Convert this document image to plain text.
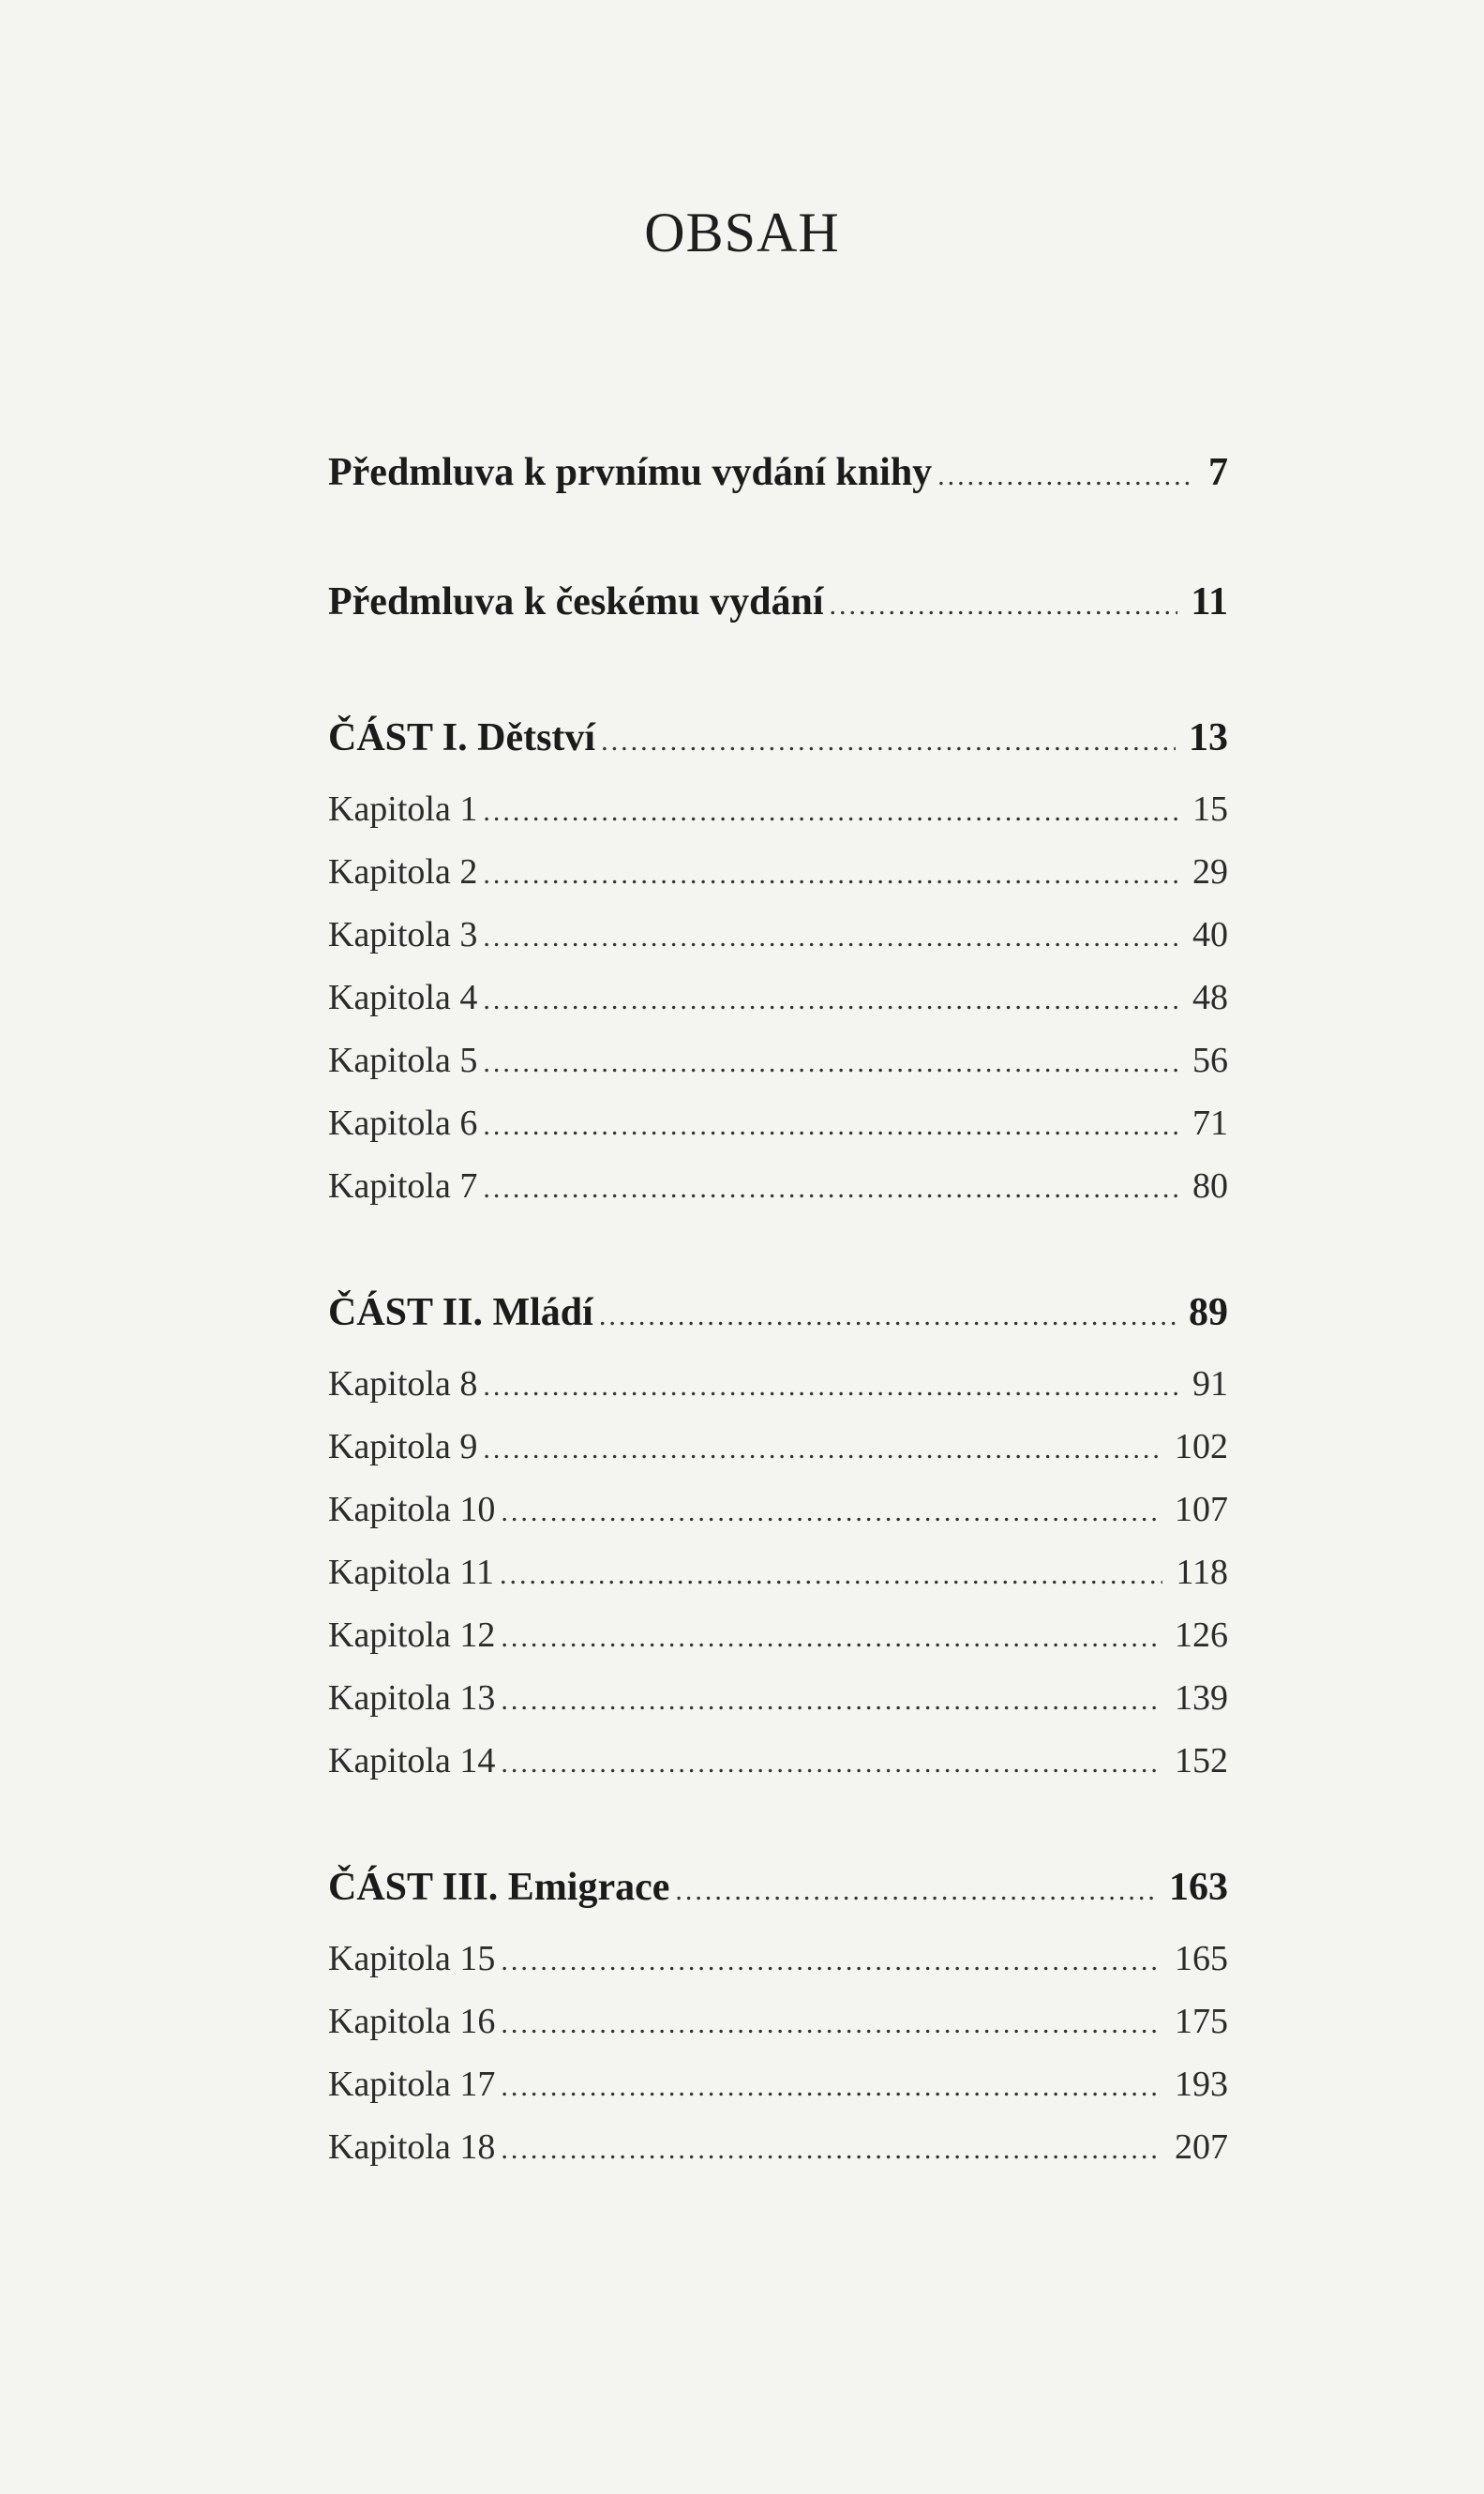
OBSAH
Předmluva k prvnímu vydání knihy .....	7
Předmluva k českému vydání .....	11
ČÁST I. Dětství .....	13
Kapitola 1 .....	15
Kapitola 2 .....	29
Kapitola 3 .....	40
Kapitola 4 .....	48
Kapitola 5 .....	56
Kapitola 6 .....	71
Kapitola 7 .....	80
ČÁST II. Mládí .....	89
Kapitola 8 .....	91
Kapitola 9 .....	102
Kapitola 10 .....	107
Kapitola 11 .....	118
Kapitola 12 .....	126
Kapitola 13 .....	139
Kapitola 14 .....	152
ČÁST III. Emigrace .....	163
Kapitola 15 .....	165
Kapitola 16 .....	175
Kapitola 17 .....	193
Kapitola 18 .....	207
